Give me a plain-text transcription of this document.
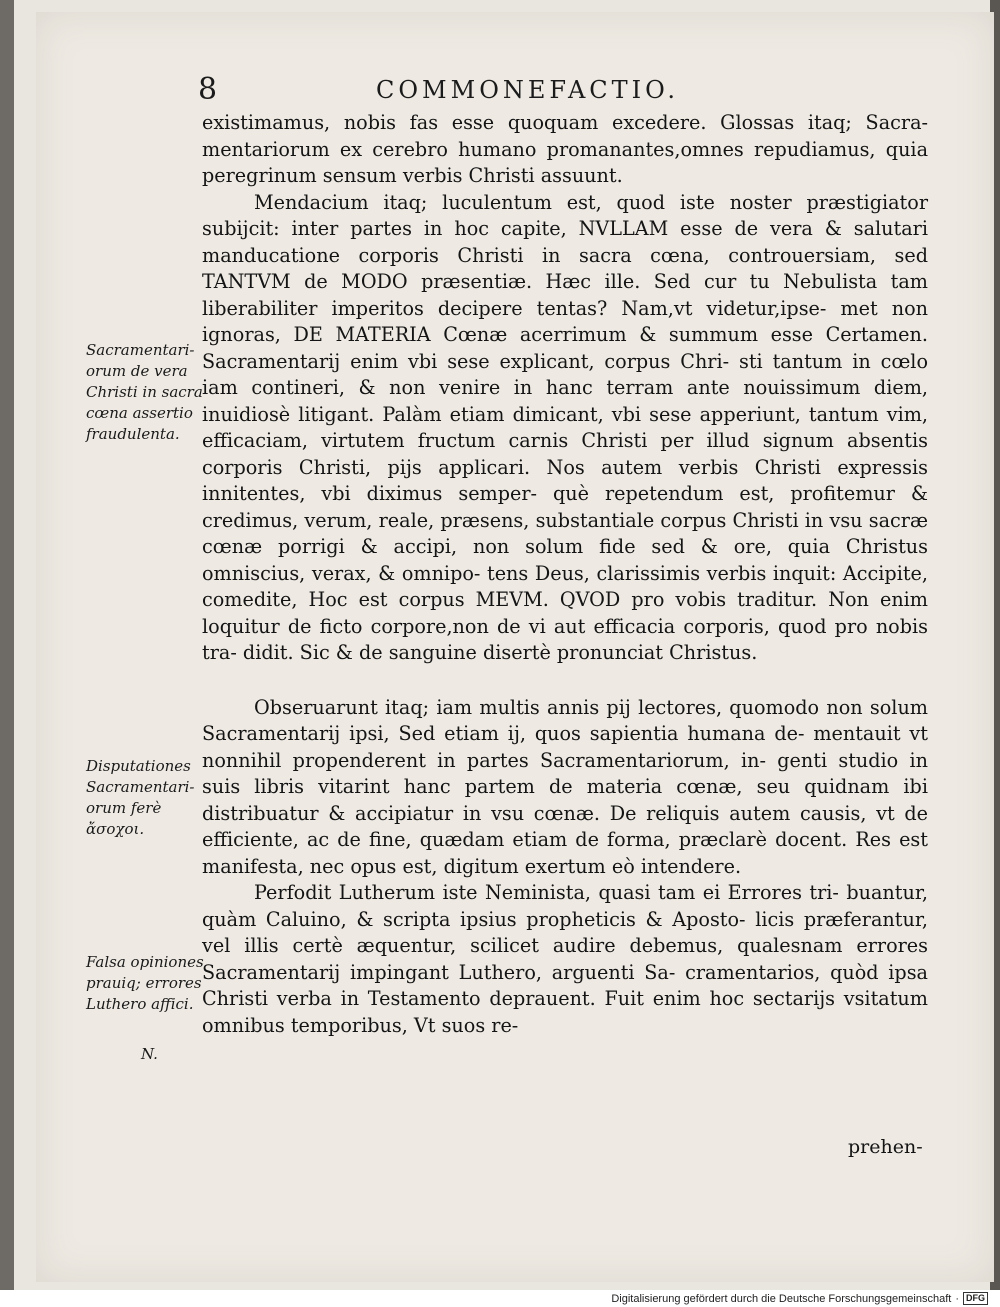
8	COMMONEFACTIO.

existimamus, nobis fas esse quoquam excedere. Glossas itaq; Sacra- mentariorum ex cerebro humano promanantes,omnes repudiamus, quia peregrinum sensum verbis Christi assuunt.

Mendacium itaq; luculentum est, quod iste noster præstigiator subijcit: inter partes in hoc capite, NVLLAM esse de vera & salutari manducatione corporis Christi in sacra cœna, controuersiam, sed TANTVM de MODO præsentiæ. Hæc ille. Sed cur tu Nebulista tam liberabiliter imperitos decipere tentas? Nam,vt videtur,ipse- met non ignoras, DE MATERIA Cœnæ acerrimum & summum esse Certamen. Sacramentarij enim vbi sese explicant, corpus Chri- sti tantum in cœlo iam contineri, & non venire in hanc terram ante nouissimum diem, inuidiosè litigant. Palàm etiam dimicant, vbi sese apperiunt, tantum vim, efficaciam, virtutem fructum carnis Christi per illud signum absentis corporis Christi, pijs applicari. Nos autem verbis Christi expressis innitentes, vbi diximus semper- què repetendum est, profitemur & credimus, verum, reale, præsens, substantiale corpus Christi in vsu sacræ cœnæ porrigi & accipi, non solum fide sed & ore, quia Christus omniscius, verax, & omnipo- tens Deus, clarissimis verbis inquit: Accipite, comedite, Hoc est corpus MEVM. QVOD pro vobis traditur. Non enim loquitur de ficto corpore,non de vi aut efficacia corporis, quod pro nobis tra- didit. Sic & de sanguine disertè pronunciat Christus.

Obseruarunt itaq; iam multis annis pij lectores, quomodo non solum Sacramentarij ipsi, Sed etiam ij, quos sapientia humana de- mentauit vt nonnihil propenderent in partes Sacramentariorum, in- genti studio in suis libris vitarint hanc partem de materia cœnæ, seu quidnam ibi distribuatur & accipiatur in vsu cœnæ. De reliquis autem causis, vt de efficiente, ac de fine, quædam etiam de forma, præclarè docent. Res est manifesta, nec opus est, digitum exertum eò intendere.

Perfodit Lutherum iste Neminista, quasi tam ei Errores tri- buantur, quàm Caluino, & scripta ipsius propheticis & Aposto- licis præferantur, vel illis certè æquentur, scilicet audire debemus, qualesnam errores Sacramentarij impingant Luthero, arguenti Sa- cramentarios, quòd ipsa Christi verba in Testamento deprauent. Fuit enim hoc sectarijs vsitatum omnibus temporibus, Vt suos re-

prehen-
Sacramentari-
orum de vera
Christi in sacra
cœna assertio
fraudulenta.
Disputationes
Sacramentari-
orum ferè
ἄσοχοι.
Falsa opiniones
prauiq; errores
Luthero affici.
N.
Digitalisierung gefördert durch die Deutsche Forschungsgemeinschaft · DFG
